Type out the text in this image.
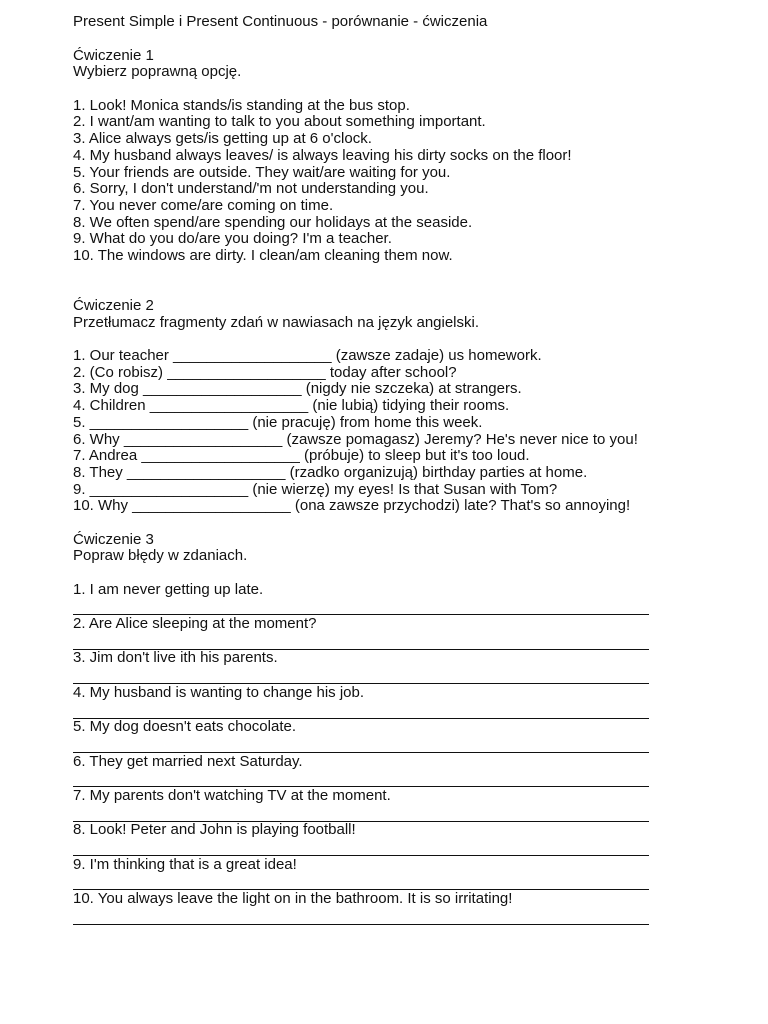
Present Simple i Present Continuous - porównanie - ćwiczenia
Ćwiczenie 1
Wybierz poprawną opcję.
1. Look! Monica stands/is standing at the bus stop.
2. I want/am wanting to talk to you about something important.
3. Alice always gets/is getting up at 6 o'clock.
4. My husband always leaves/ is always leaving his dirty socks on the floor!
5. Your friends are outside. They wait/are waiting for you.
6. Sorry, I don't understand/'m not understanding you.
7. You never come/are coming on time.
8. We often spend/are spending our holidays at the seaside.
9. What do you do/are you doing? I'm a teacher.
10. The windows are dirty. I clean/am cleaning them now.
Ćwiczenie 2
Przetłumacz fragmenty zdań w nawiasach na język angielski.
1. Our teacher ___________________ (zawsze zadaje) us homework.
2. (Co robisz) ___________________ today after school?
3. My dog ___________________ (nigdy nie szczeka) at strangers.
4. Children ___________________ (nie lubią) tidying their rooms.
5. ___________________ (nie pracuję) from home this week.
6. Why ___________________ (zawsze pomagasz) Jeremy? He's never nice to you!
7. Andrea ___________________ (próbuje) to sleep but it's too loud.
8. They ___________________ (rzadko organizują) birthday parties at home.
9. ___________________ (nie wierzę) my eyes! Is that Susan with Tom?
10. Why ___________________ (ona zawsze przychodzi) late? That's so annoying!
Ćwiczenie 3
Popraw błędy w zdaniach.
1. I am never getting up late.
2. Are Alice sleeping at the moment?
3. Jim don't live ith his parents.
4. My husband is wanting to change his job.
5. My dog doesn't eats chocolate.
6. They get married next Saturday.
7. My parents don't watching TV at the moment.
8. Look! Peter and John is playing football!
9. I'm thinking that is a great idea!
10. You always leave the light on in the bathroom. It is so irritating!
